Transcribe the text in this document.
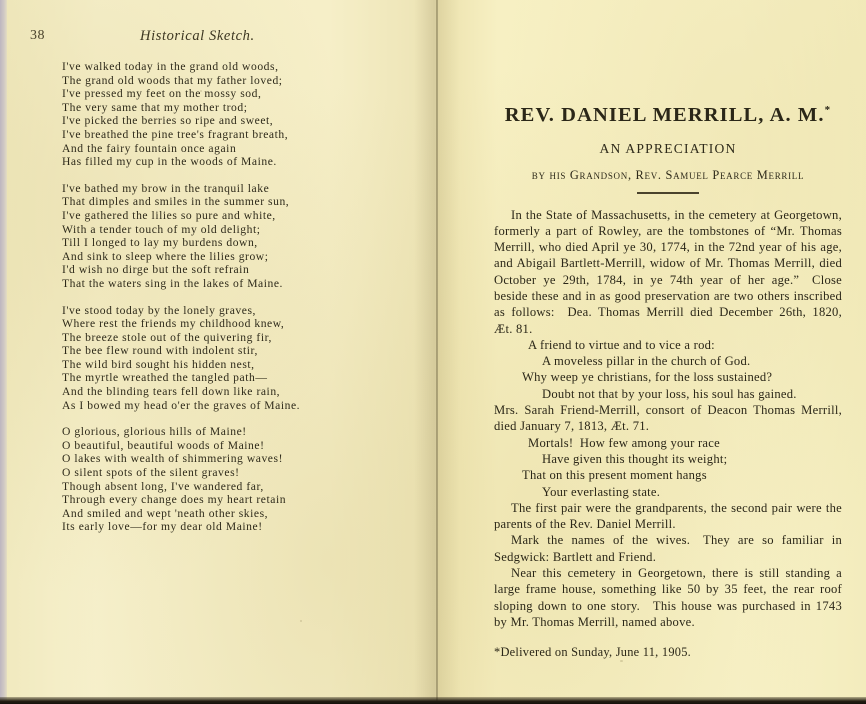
38	Historical Sketch.
I've walked today in the grand old woods,
The grand old woods that my father loved;
I've pressed my feet on the mossy sod,
The very same that my mother trod;
I've picked the berries so ripe and sweet,
I've breathed the pine tree's fragrant breath,
And the fairy fountain once again
Has filled my cup in the woods of Maine.
I've bathed my brow in the tranquil lake
That dimples and smiles in the summer sun,
I've gathered the lilies so pure and white,
With a tender touch of my old delight;
Till I longed to lay my burdens down,
And sink to sleep where the lilies grow;
I'd wish no dirge but the soft refrain
That the waters sing in the lakes of Maine.
I've stood today by the lonely graves,
Where rest the friends my childhood knew,
The breeze stole out of the quivering fir,
The bee flew round with indolent stir,
The wild bird sought his hidden nest,
The myrtle wreathed the tangled path—
And the blinding tears fell down like rain,
As I bowed my head o'er the graves of Maine.
O glorious, glorious hills of Maine!
O beautiful, beautiful woods of Maine!
O lakes with wealth of shimmering waves!
O silent spots of the silent graves!
Though absent long, I've wandered far,
Through every change does my heart retain
And smiled and wept 'neath other skies,
Its early love—for my dear old Maine!
REV. DANIEL MERRILL, A. M.*
AN APPRECIATION
by his Grandson, Rev. Samuel Pearce Merrill

In the State of Massachusetts, in the cemetery at Georgetown, formerly a part of Rowley, are the tombstones of “Mr. Thomas Merrill, who died April ye 30, 1774, in the 72nd year of his age, and Abigail Bartlett-Merrill, widow of Mr. Thomas Merrill, died October ye 29th, 1784, in ye 74th year of her age.” Close beside these and in as good preservation are two others inscribed as follows: Dea. Thomas Merrill died December 26th, 1820, Æt. 81.

A friend to virtue and to vice a rod:
A moveless pillar in the church of God.
Why weep ye christians, for the loss sustained?
Doubt not that by your loss, his soul has gained.

Mrs. Sarah Friend-Merrill, consort of Deacon Thomas Merrill, died January 7, 1813, Æt. 71.

Mortals! How few among your race
Have given this thought its weight;
That on this present moment hangs
Your everlasting state.

The first pair were the grandparents, the second pair were the parents of the Rev. Daniel Merrill.

Mark the names of the wives. They are so familiar in Sedgwick: Bartlett and Friend.

Near this cemetery in Georgetown, there is still standing a large frame house, something like 50 by 35 feet, the rear roof sloping down to one story. This house was purchased in 1743 by Mr. Thomas Merrill, named above.

*Delivered on Sunday, June 11, 1905.
